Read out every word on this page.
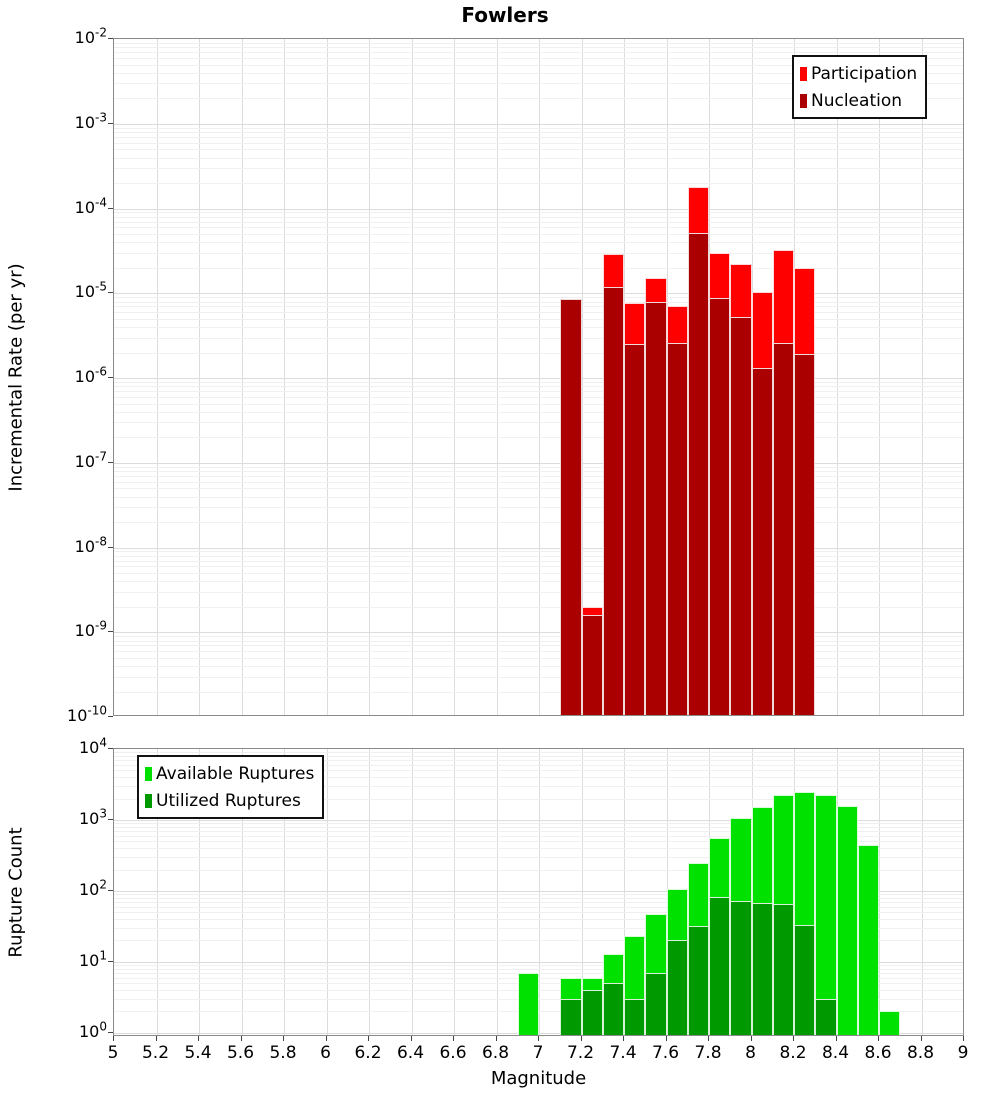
Fowlers
Incremental Rate (per yr)
Rupture Count
Participation
Nucleation
Available Ruptures
Utilized Ruptures
$10^{-2}$
$10^{-3}$
$10^{-4}$
$10^{-5}$
$10^{-6}$
$10^{-7}$
$10^{-8}$
$10^{-9}$
$10^{-10}$
$10^4$
$10^3$
$10^2$
$10^1$
$10^0$
5	5.2 5.4 5.6 5.8	6	6.2 6.4 6.6 6.8	7	7.2 7.4 7.6 7.8	8	8.2 8.4 8.6 8.8	9
Magnitude
